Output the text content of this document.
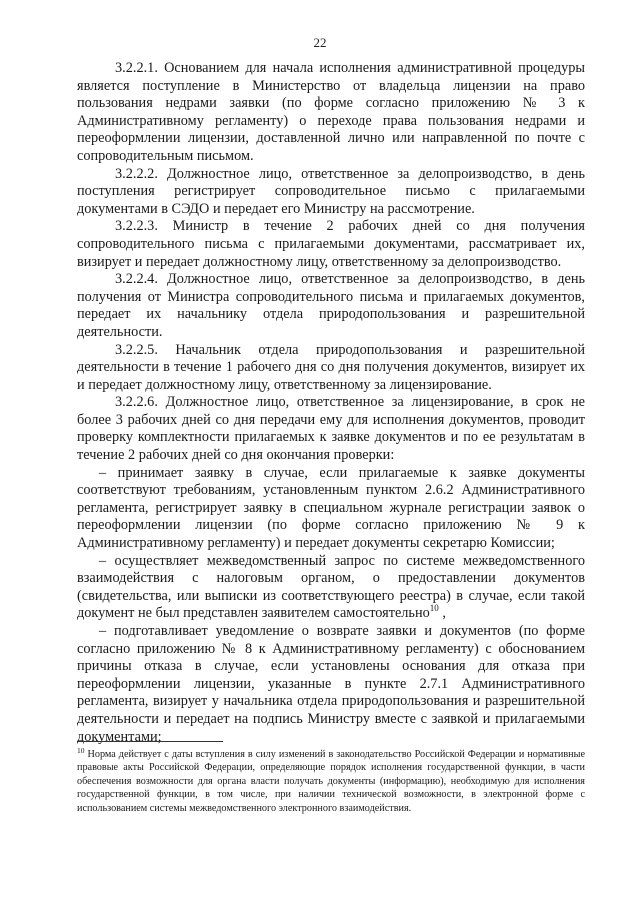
22

3.2.2.1. Основанием для начала исполнения административной процедуры является поступление в Министерство от владельца лицензии на право пользования недрами заявки (по форме согласно приложению № 3 к Административному регламенту) о переходе права пользования недрами и переоформлении лицензии, доставленной лично или направленной по почте с сопроводительным письмом.

3.2.2.2. Должностное лицо, ответственное за делопроизводство, в день поступления регистрирует сопроводительное письмо с прилагаемыми документами в СЭДО и передает его Министру на рассмотрение.

3.2.2.3. Министр в течение 2 рабочих дней со дня получения сопроводительного письма с прилагаемыми документами, рассматривает их, визирует и передает должностному лицу, ответственному за делопроизводство.

3.2.2.4. Должностное лицо, ответственное за делопроизводство, в день получения от Министра сопроводительного письма и прилагаемых документов, передает их начальнику отдела природопользования и разрешительной деятельности.

3.2.2.5. Начальник отдела природопользования и разрешительной деятельности в течение 1 рабочего дня со дня получения документов, визирует их и передает должностному лицу, ответственному за лицензирование.

3.2.2.6. Должностное лицо, ответственное за лицензирование, в срок не более 3 рабочих дней со дня передачи ему для исполнения документов, проводит проверку комплектности прилагаемых к заявке документов и по ее результатам в течение 2 рабочих дней со дня окончания проверки:

– принимает заявку в случае, если прилагаемые к заявке документы соответствуют требованиям, установленным пунктом 2.6.2 Административного регламента, регистрирует заявку в специальном журнале регистрации заявок о переоформлении лицензии (по форме согласно приложению № 9 к Административному регламенту) и передает документы секретарю Комиссии;

– осуществляет межведомственный запрос по системе межведомственного взаимодействия с налоговым органом, о предоставлении документов (свидетельства, или выписки из соответствующего реестра) в случае, если такой документ не был представлен заявителем самостоятельно$^{10}$ ,

– подготавливает уведомление о возврате заявки и документов (по форме согласно приложению № 8 к Административному регламенту) с обоснованием причины отказа в случае, если установлены основания для отказа при переоформлении лицензии, указанные в пункте 2.7.1 Административного регламента, визирует у начальника отдела природопользования и разрешительной деятельности и передает на подпись Министру вместе с заявкой и прилагаемыми документами;

$^{10}$ Норма действует с даты вступления в силу изменений в законодательство Российской Федерации и нормативные правовые акты Российской Федерации, определяющие порядок исполнения государственной функции, в части обеспечения возможности для органа власти получать документы (информацию), необходимую для исполнения государственной функции, в том числе, при наличии технической возможности, в электронной форме с использованием системы межведомственного электронного взаимодействия.
